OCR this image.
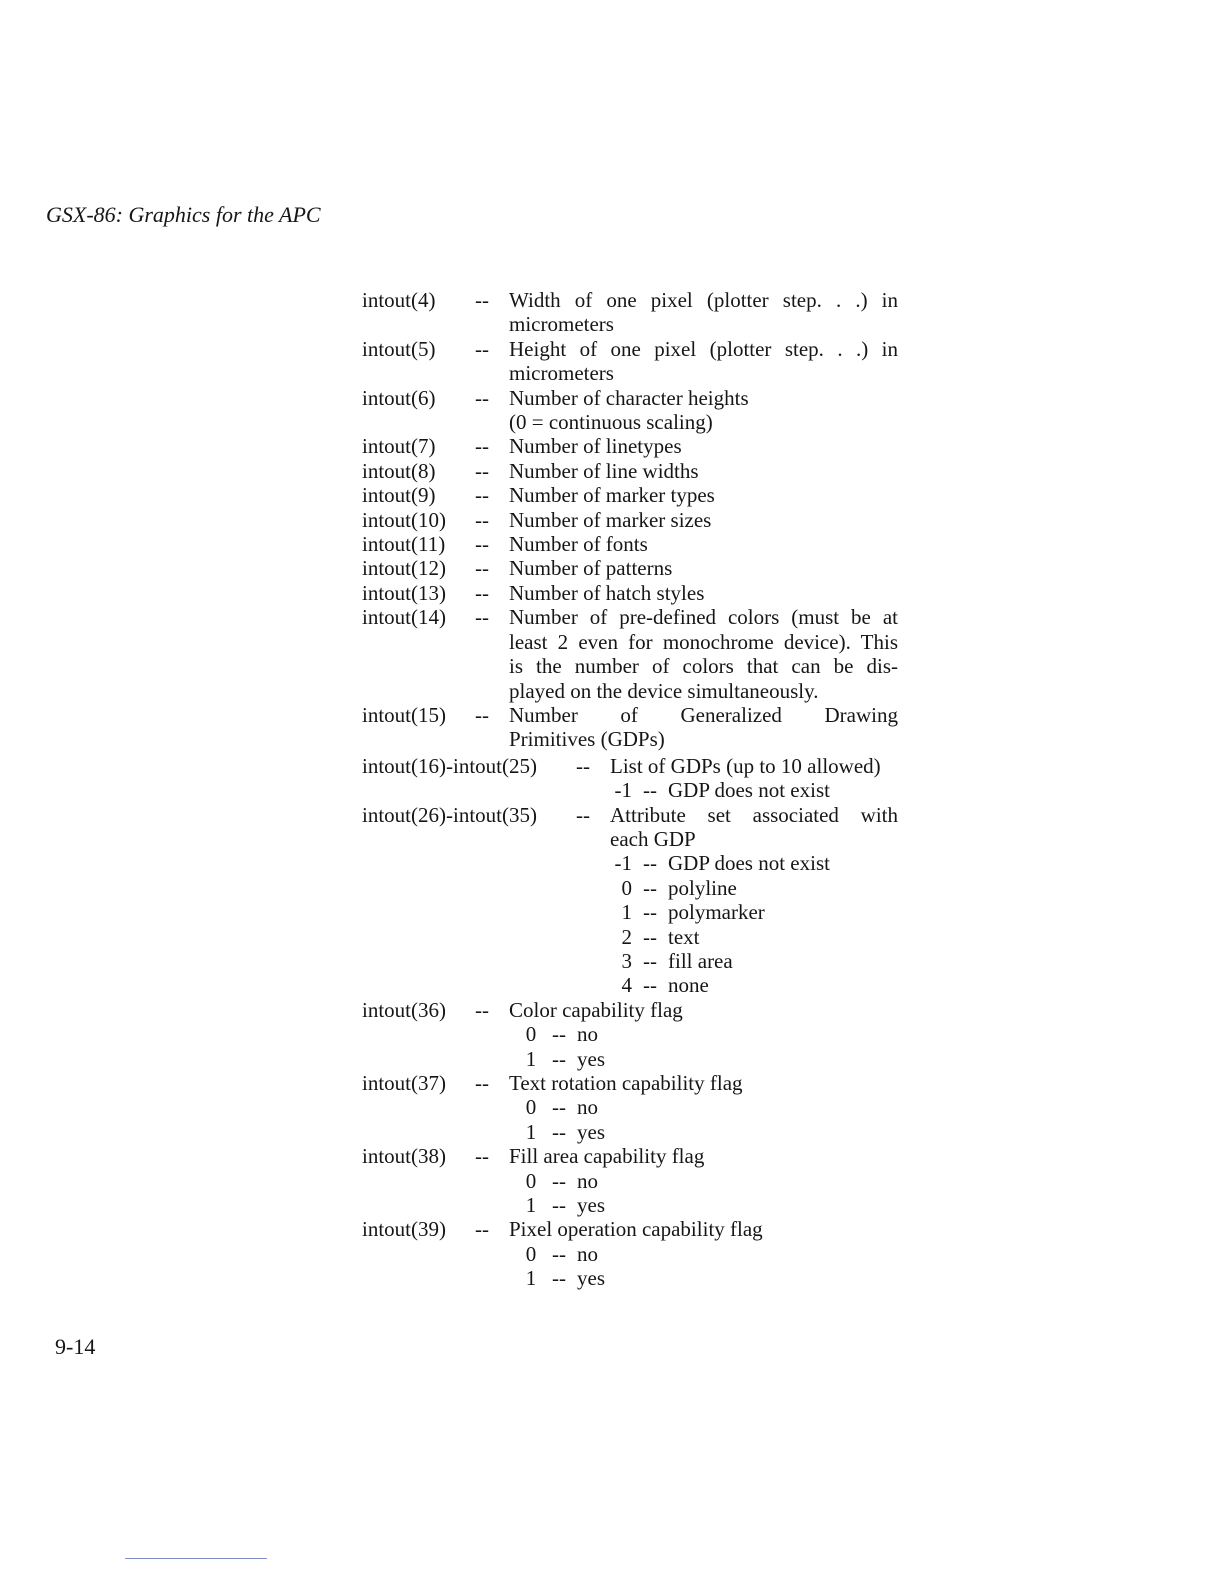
GSX-86: Graphics for the APC
intout(4)	-- Width of one pixel (plotter step. . .) in
micrometers
intout(5)	-- Height of one pixel (plotter step. . .) in
micrometers
intout(6)	-- Number of character heights
(0 = continuous scaling)
intout(7)	-- Number of linetypes
intout(8)	-- Number of line widths
intout(9)	-- Number of marker types
intout(10)	-- Number of marker sizes
intout(11)	-- Number of fonts
intout(12)	-- Number of patterns
intout(13)	-- Number of hatch styles
intout(14)	-- Number of pre-defined colors (must be at
least 2 even for monochrome device). This
is the number of colors that can be dis-
played on the device simultaneously.
intout(15)	-- Number of Generalized Drawing
Primitives (GDPs)
intout(16)-intout(25)	-- List of GDPs (up to 10 allowed)
-1 -- GDP does not exist
intout(26)-intout(35)	-- Attribute set associated with
each GDP
-1 -- GDP does not exist
0 -- polyline
1 -- polymarker
2 -- text
3 -- fill area
4 -- none
intout(36)	-- Color capability flag
0 -- no
1 -- yes
intout(37)	-- Text rotation capability flag
0 -- no
1 -- yes
intout(38)	-- Fill area capability flag
0 -- no
1 -- yes
intout(39)	-- Pixel operation capability flag
0 -- no
1 -- yes
9-14
